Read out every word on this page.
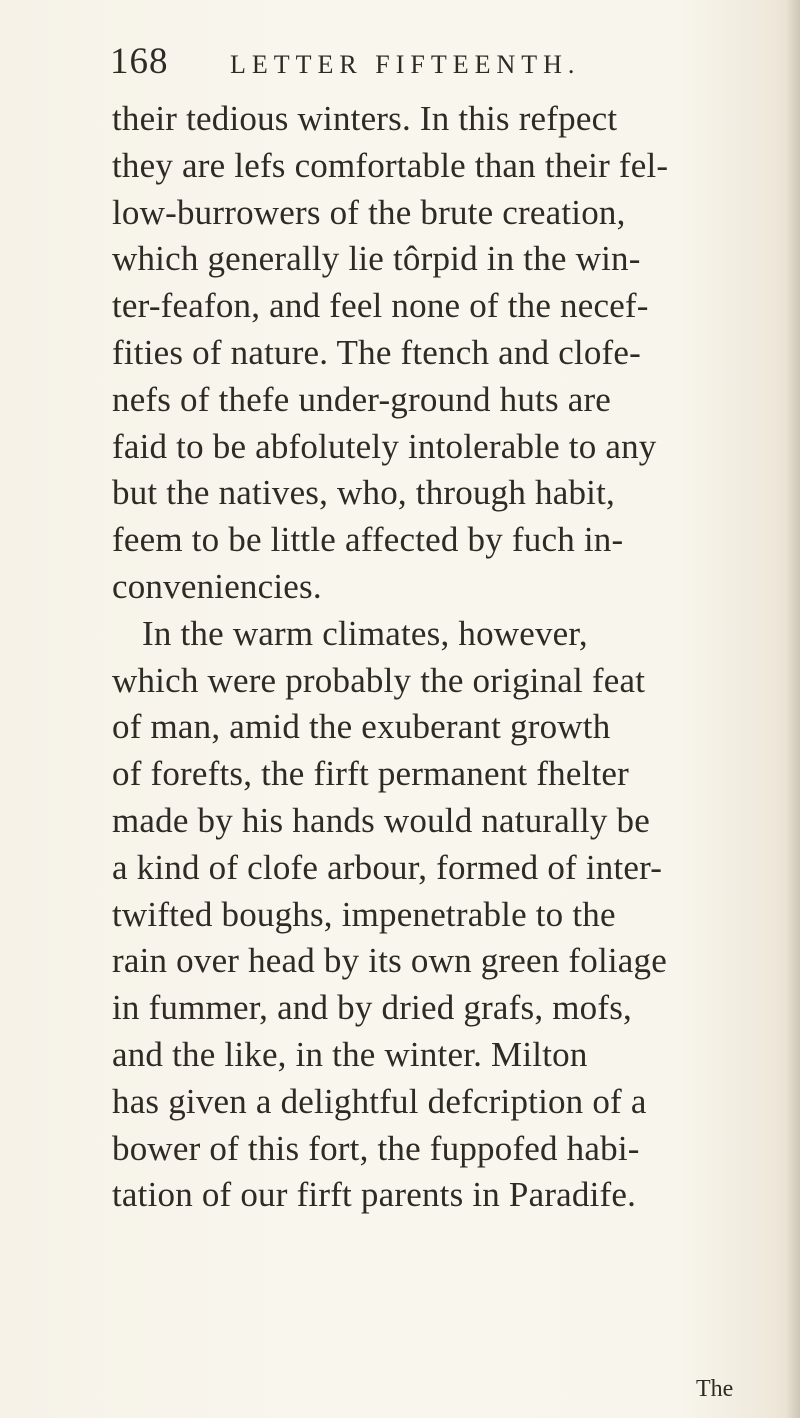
168 LETTER FIFTEENTH.
their tedious winters. In this refpect
they are lefs comfortable than their fel-
low-burrowers of the brute creation,
which generally lie tôrpid in the win-
ter-feafon, and feel none of the necef-
fities of nature. The ftench and clofe-
nefs of thefe under-ground huts are
faid to be abfolutely intolerable to any
but the natives, who, through habit,
feem to be little affected by fuch in-
conveniencies.
In the warm climates, however,
which were probably the original feat
of man, amid the exuberant growth
of forefts, the firft permanent fhelter
made by his hands would naturally be
a kind of clofe arbour, formed of inter-
twifted boughs, impenetrable to the
rain over head by its own green foliage
in fummer, and by dried grafs, mofs,
and the like, in the winter. Milton
has given a delightful defcription of a
bower of this fort, the fuppofed habi-
tation of our firft parents in Paradife.
The
